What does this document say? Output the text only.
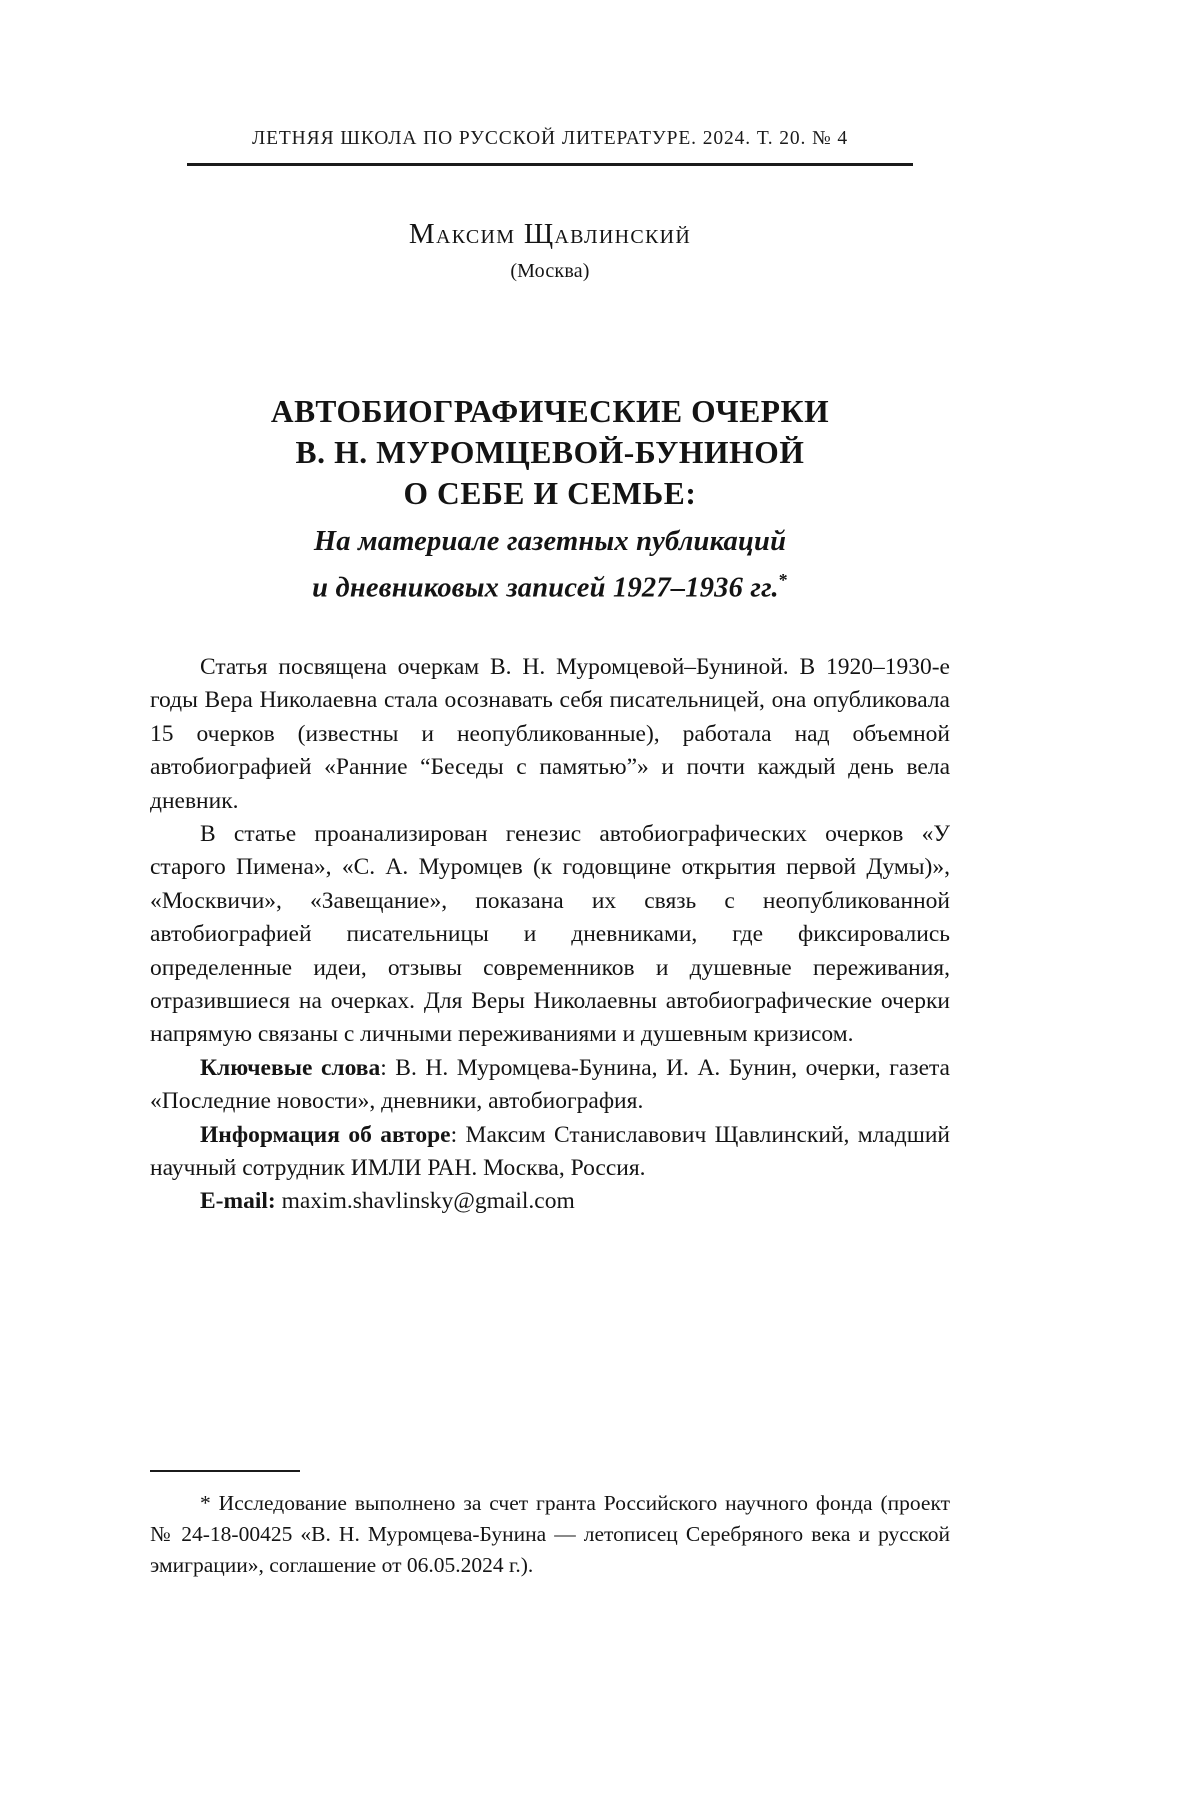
ЛЕТНЯЯ ШКОЛА ПО РУССКОЙ ЛИТЕРАТУРЕ. 2024. Т. 20. № 4
Максим Щавлинский
(Москва)
АВТОБИОГРАФИЧЕСКИЕ ОЧЕРКИ
В. Н. МУРОМЦЕВОЙ-БУНИНОЙ
О СЕБЕ И СЕМЬЕ:
На материале газетных публикаций
и дневниковых записей 1927–1936 гг.*

Статья посвящена очеркам В. Н. Муромцевой–Буниной. В 1920–1930-е годы Вера Николаевна стала осознавать себя писательницей, она опубликовала 15 очерков (известны и неопубликованные), работала над объемной автобиографией «Ранние “Беседы с памятью”» и почти каждый день вела дневник.

В статье проанализирован генезис автобиографических очерков «У старого Пимена», «С. А. Муромцев (к годовщине открытия первой Думы)», «Москвичи», «Завещание», показана их связь с неопубликованной автобиографией писательницы и дневниками, где фиксировались определенные идеи, отзывы современников и душевные переживания, отразившиеся на очерках. Для Веры Николаевны автобиографические очерки напрямую связаны с личными переживаниями и душевным кризисом.

Ключевые слова: В. Н. Муромцева-Бунина, И. А. Бунин, очерки, газета «Последние новости», дневники, автобиография.

Информация об авторе: Максим Станиславович Щавлинский, младший научный сотрудник ИМЛИ РАН. Москва, Россия.

E-mail: maxim.shavlinsky@gmail.com

* Исследование выполнено за счет гранта Российского научного фонда (проект № 24-18-00425 «В. Н. Муромцева-Бунина — летописец Серебряного века и русской эмиграции», соглашение от 06.05.2024 г.).
